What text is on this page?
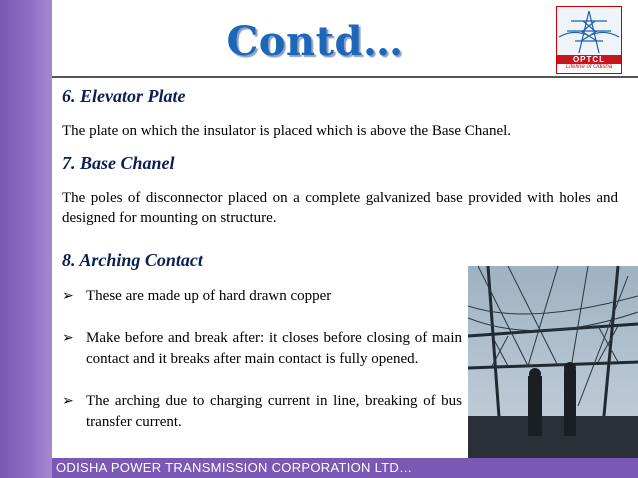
Contd…	OPTCL
Lifeline of Odisha

6. Elevator Plate

The plate on which the insulator is placed which is above the Base Chanel.

7. Base Chanel

The poles of disconnector placed on a complete galvanized base provided with holes and designed for mounting on structure.

8. Arching Contact

➢ These are made up of hard drawn copper
➢ Make before and break after: it closes before closing of main contact and it breaks after main contact is fully opened.
➢ The arching due to charging current in line, breaking of bus transfer current.
ODISHA POWER TRANSMISSION CORPORATION LTD…
